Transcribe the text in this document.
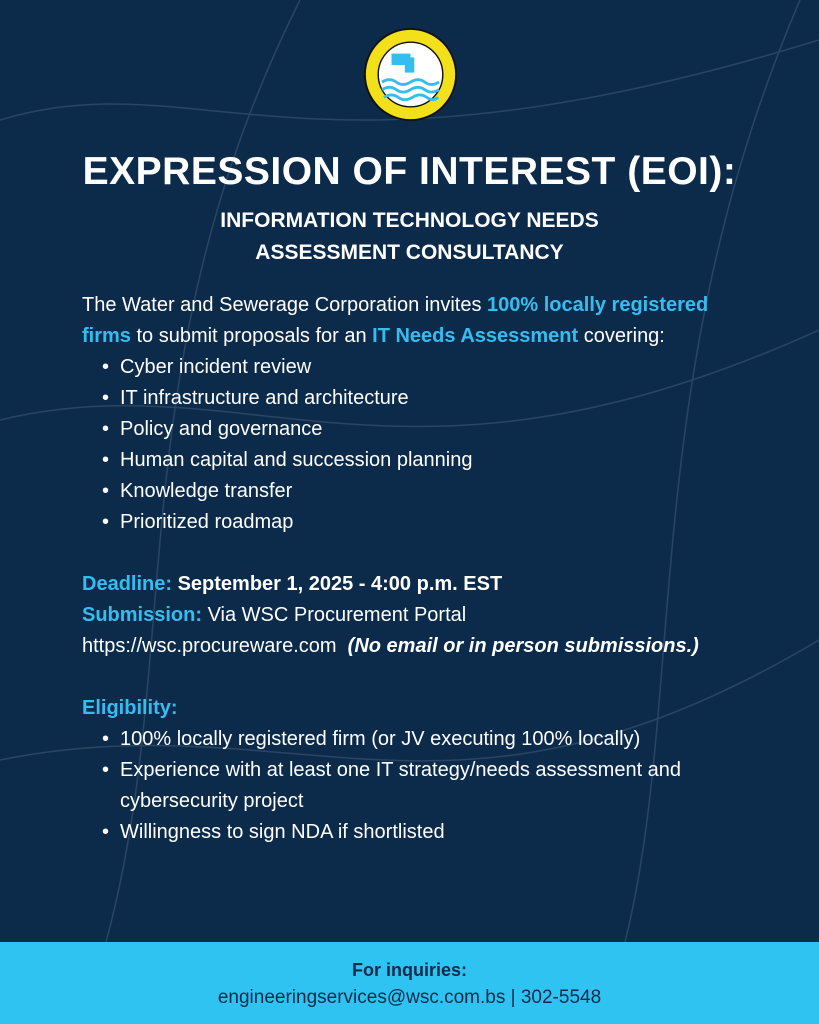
EXPRESSION OF INTEREST (EOI):
INFORMATION TECHNOLOGY NEEDS
ASSESSMENT CONSULTANCY

The Water and Sewerage Corporation invites 100% locally registered firms to submit proposals for an IT Needs Assessment covering:

• Cyber incident review
• IT infrastructure and architecture
• Policy and governance
• Human capital and succession planning
• Knowledge transfer
• Prioritized roadmap

Deadline: September 1, 2025 - 4:00 p.m. EST

Submission: Via WSC Procurement Portal

https://wsc.procureware.com (No email or in person submissions.)

Eligibility:

• 100% locally registered firm (or JV executing 100% locally)
• Experience with at least one IT strategy/needs assessment and cybersecurity project
• Willingness to sign NDA if shortlisted
For inquiries:
engineeringservices@wsc.com.bs | 302-5548
